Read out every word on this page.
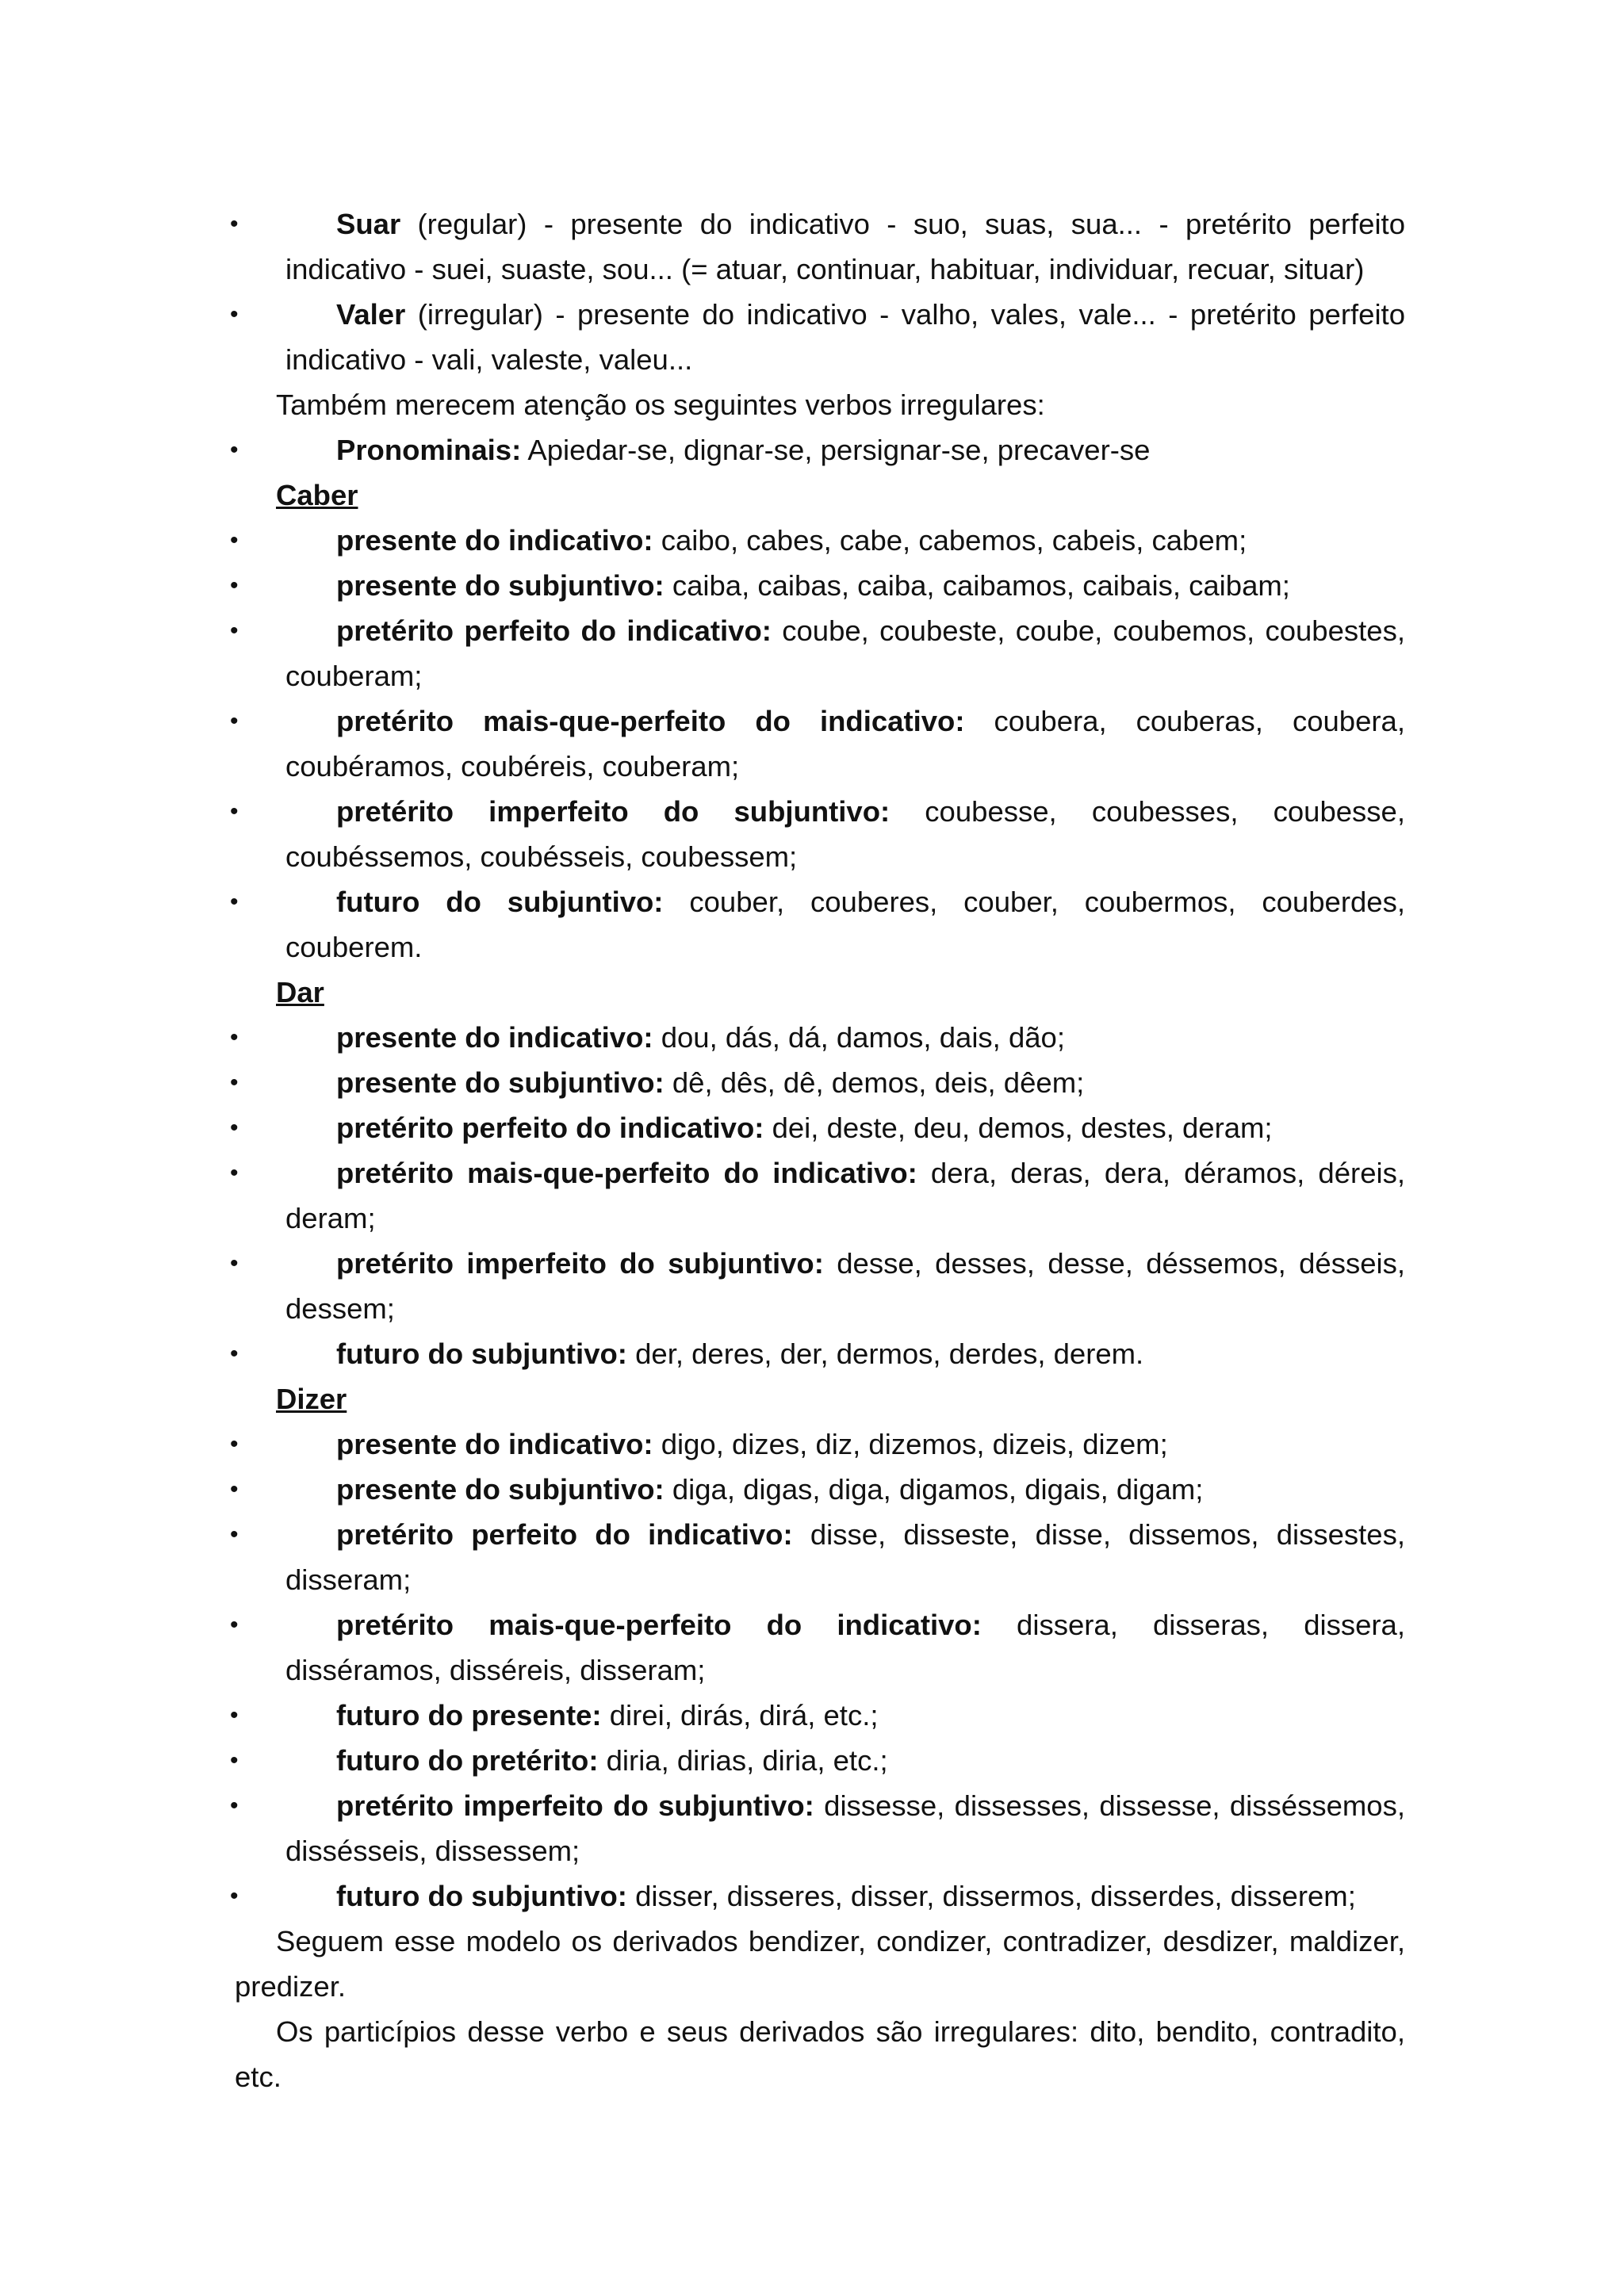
• Suar (regular) - presente do indicativo - suo, suas, sua... - pretérito perfeito indicativo - suei, suaste, sou... (= atuar, continuar, habituar, individuar, recuar, situar)
• Valer (irregular) - presente do indicativo - valho, vales, vale... - pretérito perfeito indicativo - vali, valeste, valeu...
Também merecem atenção os seguintes verbos irregulares:
• Pronominais: Apiedar-se, dignar-se, persignar-se, precaver-se
Caber
• presente do indicativo: caibo, cabes, cabe, cabemos, cabeis, cabem;
• presente do subjuntivo: caiba, caibas, caiba, caibamos, caibais, caibam;
• pretérito perfeito do indicativo: coube, coubeste, coube, coubemos, coubestes, couberam;
• pretérito mais-que-perfeito do indicativo: coubera, couberas, coubera, coubéramos, coubéreis, couberam;
• pretérito imperfeito do subjuntivo: coubesse, coubesses, coubesse, coubéssemos, coubésseis, coubessem;
• futuro do subjuntivo: couber, couberes, couber, coubermos, couberdes, couberem.
Dar
• presente do indicativo: dou, dás, dá, damos, dais, dão;
• presente do subjuntivo: dê, dês, dê, demos, deis, dêem;
• pretérito perfeito do indicativo: dei, deste, deu, demos, destes, deram;
• pretérito mais-que-perfeito do indicativo: dera, deras, dera, déramos, déreis, deram;
• pretérito imperfeito do subjuntivo: desse, desses, desse, déssemos, désseis, dessem;
• futuro do subjuntivo: der, deres, der, dermos, derdes, derem.
Dizer
• presente do indicativo: digo, dizes, diz, dizemos, dizeis, dizem;
• presente do subjuntivo: diga, digas, diga, digamos, digais, digam;
• pretérito perfeito do indicativo: disse, disseste, disse, dissemos, dissestes, disseram;
• pretérito mais-que-perfeito do indicativo: dissera, disseras, dissera, disséramos, disséreis, disseram;
• futuro do presente: direi, dirás, dirá, etc.;
• futuro do pretérito: diria, dirias, diria, etc.;
• pretérito imperfeito do subjuntivo: dissesse, dissesses, dissesse, disséssemos, dissésseis, dissessem;
• futuro do subjuntivo: disser, disseres, disser, dissermos, disserdes, disserem;
Seguem esse modelo os derivados bendizer, condizer, contradizer, desdizer, maldizer, predizer.
Os particípios desse verbo e seus derivados são irregulares: dito, bendito, contradito, etc.
